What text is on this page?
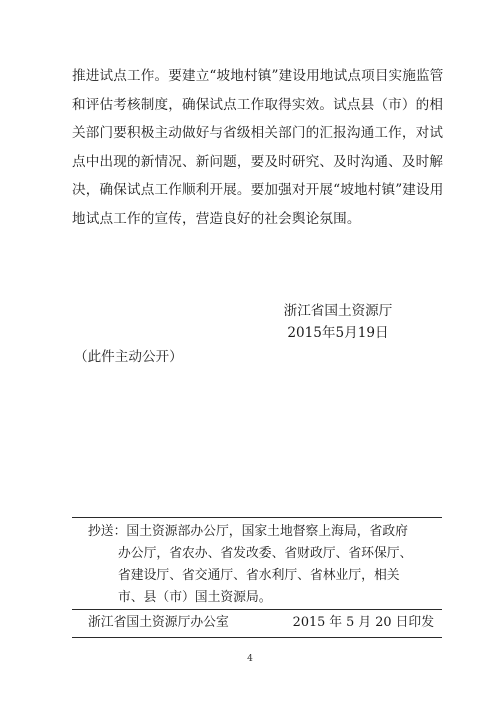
推进试点工作。要建立“坡地村镇”建设用地试点项目实施监管

和评估考核制度，确保试点工作取得实效。试点县（市）的相

关部门要积极主动做好与省级相关部门的汇报沟通工作，对试

点中出现的新情况、新问题，要及时研究、及时沟通、及时解

决，确保试点工作顺利开展。要加强对开展“坡地村镇”建设用

地试点工作的宣传，营造良好的社会舆论氛围。

浙江省国土资源厅
2015年5月19日
（此件主动公开）
抄送：国土资源部办公厅，国家土地督察上海局，省政府
办公厅，省农办、省发改委、省财政厅、省环保厅、
省建设厅、省交通厅、省水利厅、省林业厅，相关
市、县（市）国土资源局。
浙江省国土资源厅办公室	2015 年 5 月 20 日印发
4
